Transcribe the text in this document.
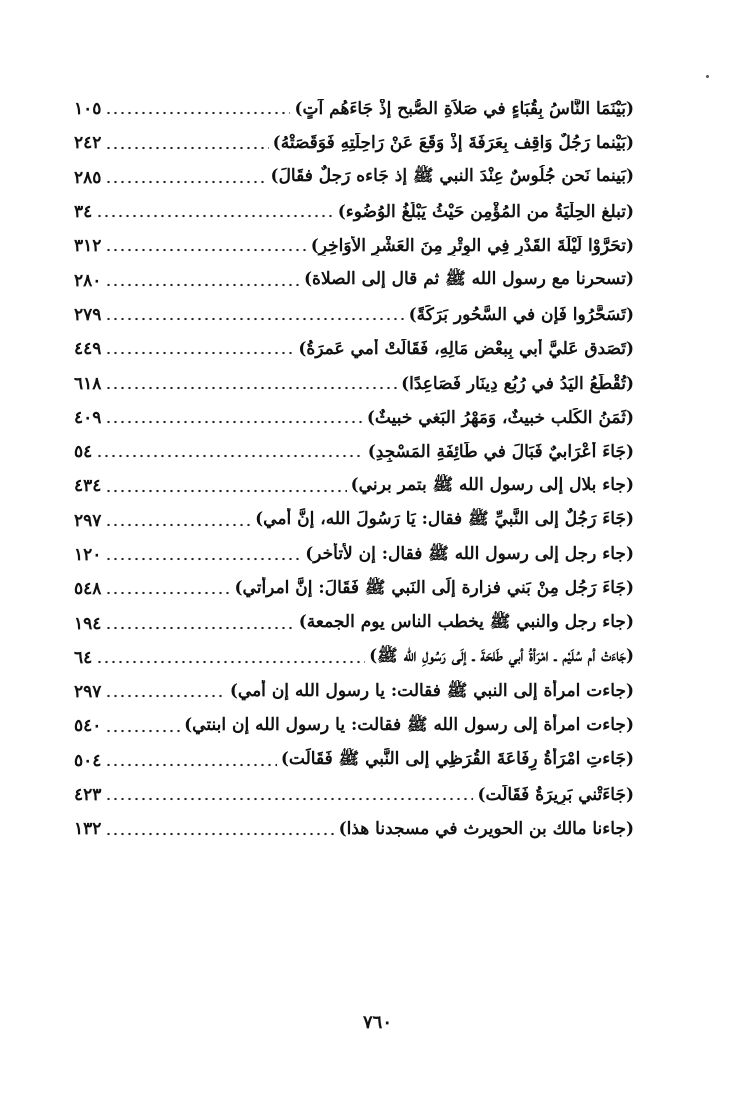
(بَيْنَمَا النَّاسُ بِقُبَاءٍ في صَلاَةِ الصُّبح إذْ جَاءَهُم آتٍ)
١٠٥
(بَيْنما رَجُلٌ وَاقِف بِعَرَفَةَ إذْ وَقَعَ عَنْ رَاحِلَتِهِ فَوَقَصَتْهُ)
٢٤٢
(بَينما نَحن جُلُوسٌ عِنْدَ النبي ﷺ إذ جَاءه رَجلٌ فقَالَ)
٢٨٥
(تبلغ الحِلْيَةُ من المُؤْمِنِ حَيْثُ يَبْلُغُ الوُضُوء)
٣٤
(تحَرَّوْا لَيْلَةَ القَدْرِ فِي الوِتْرِ مِنَ العَشْرِ الأوَاخِرِ)
٣١٢
(تسحرنا مع رسول الله ﷺ ثم قال إلى الصلاة)
٢٨٠
(تَسَحَّرُوا فَإن في السَّحُور بَرَكَةً)
٢٧٩
(تَصَدق عَليَّ أبي بِبعْضِ مَالِهِ، فَقَالَتْ أمي عَمرَةُ)
٤٤٩
(تُقْطَعُ اليَدُ في رُبُع دِينَار فَصَاعِدًا)
٦١٨
(ثَمَنُ الكَلب خبيثٌ، وَمَهْرُ البَغي خبيثٌ)
٤٠٩
(جَاءَ أعْرَابيٌ فَبَالَ في طَائِفَةِ المَسْجِدِ)
٥٤
(جاء بلال إلى رسول الله ﷺ بتمر برني)
٤٣٤
(جَاءَ رَجُلٌ إلى النَّبيِّ ﷺ فقال: يَا رَسُولَ الله، إنَّ أمي)
٢٩٧
(جاء رجل إلى رسول الله ﷺ فقال: إن لأتأخر)
١٢٠
(جَاءَ رَجُل مِنْ بَني فزارة إلَى النَبي ﷺ فَقَالَ: إنَّ امرأتي)
٥٤٨
(جاء رجل والنبي ﷺ يخطب الناس يوم الجمعة)
١٩٤
(جَاءَتْ أم سُلَيْم ـ امْرَأةُ أبي طَلحَةَ ـ إلَى رَسُولِ الله ﷺ)
٦٤
(جاءت امرأة إلى النبي ﷺ فقالت: يا رسول الله إن أمي)
٢٩٧
(جاءت امرأة إلى رسول الله ﷺ فقالت: يا رسول الله إن ابنتي)
٥٤٠
(جَاءتِ امْرَأةُ رِفَاعَةَ القُرَظِي إلى النَّبي ﷺ فَقَالَت)
٥٠٤
(جَاءَتْني بَرِيرَةُ فَقَالَت)
٤٢٣
(جاءنا مالك بن الحويرث في مسجدنا هذا)
١٣٢
٧٦٠
